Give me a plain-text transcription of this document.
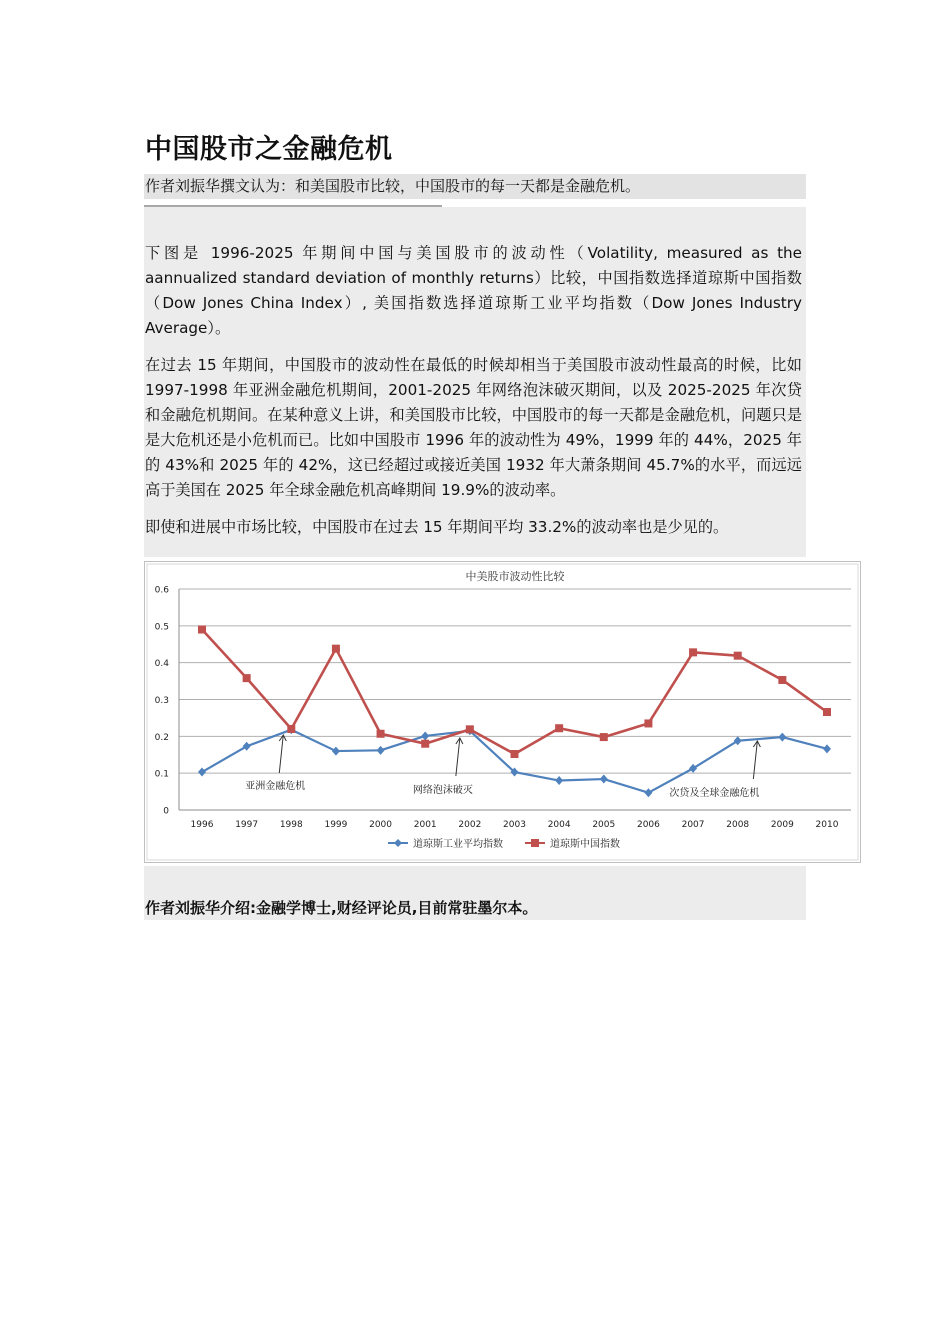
中国股市之金融危机
作者刘振华撰文认为：和美国股市比较，中国股市的每一天都是金融危机。

下图是 1996-2025 年期间中国与美国股市的波动性（Volatility, measured as the aannualized standard deviation of monthly returns）比较，中国指数选择道琼斯中国指数（Dow Jones China Index）, 美国指数选择道琼斯工业平均指数（Dow Jones Industry Average）。

在过去 15 年期间，中国股市的波动性在最低的时候却相当于美国股市波动性最高的时候，比如 1997-1998 年亚洲金融危机期间，2001-2025 年网络泡沫破灭期间，以及 2025-2025 年次贷和金融危机期间。在某种意义上讲，和美国股市比较，中国股市的每一天都是金融危机，问题只是是大危机还是小危机而已。比如中国股市 1996 年的波动性为 49%，1999 年的 44%，2025 年的 43%和 2025 年的 42%，这已经超过或接近美国 1932 年大萧条期间 45.7%的水平，而远远高于美国在 2025 年全球金融危机高峰期间 19.9%的波动率。

即使和进展中市场比较，中国股市在过去 15 年期间平均 33.2%的波动率也是少见的。

中美股市波动性比较
0
0.1
0.2
0.3
0.4
0.5
0.6
1996 1997 1998 1999 2000 2001 2002 2003 2004 2005 2006 2007 2008 2009 2010
亚洲金融危机	网络泡沫破灭	次贷及全球金融危机
道琼斯工业平均指数	道琼斯中国指数
作者刘振华介绍:金融学博士,财经评论员,目前常驻墨尔本。
